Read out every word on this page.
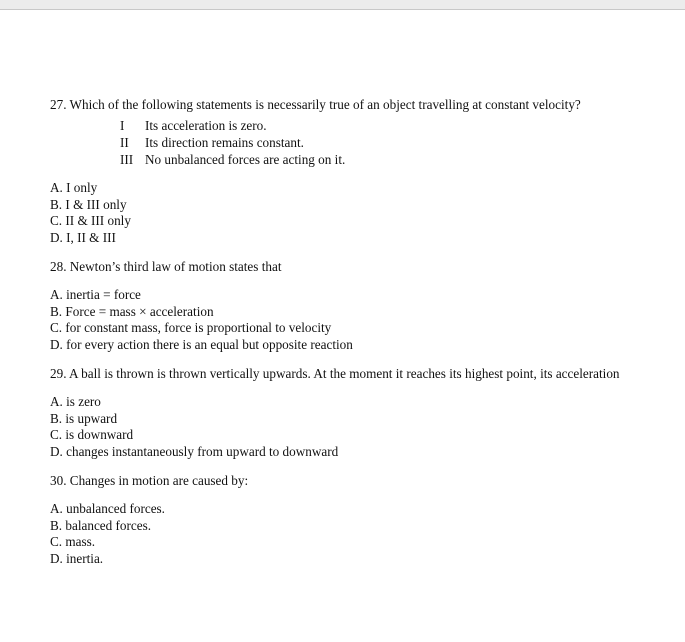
27. Which of the following statements is necessarily true of an object travelling at constant velocity?

I	Its acceleration is zero.
II	Its direction remains constant.
III No unbalanced forces are acting on it.
A. I only
B. I & III only
C. II & III only
D. I, II & III

28. Newton’s third law of motion states that

A. inertia = force
B. Force = mass × acceleration
C. for constant mass, force is proportional to velocity
D. for every action there is an equal but opposite reaction

29. A ball is thrown is thrown vertically upwards. At the moment it reaches its highest point, its acceleration

A. is zero
B. is upward
C. is downward
D. changes instantaneously from upward to downward

30. Changes in motion are caused by:

A. unbalanced forces.
B. balanced forces.
C. mass.
D. inertia.
